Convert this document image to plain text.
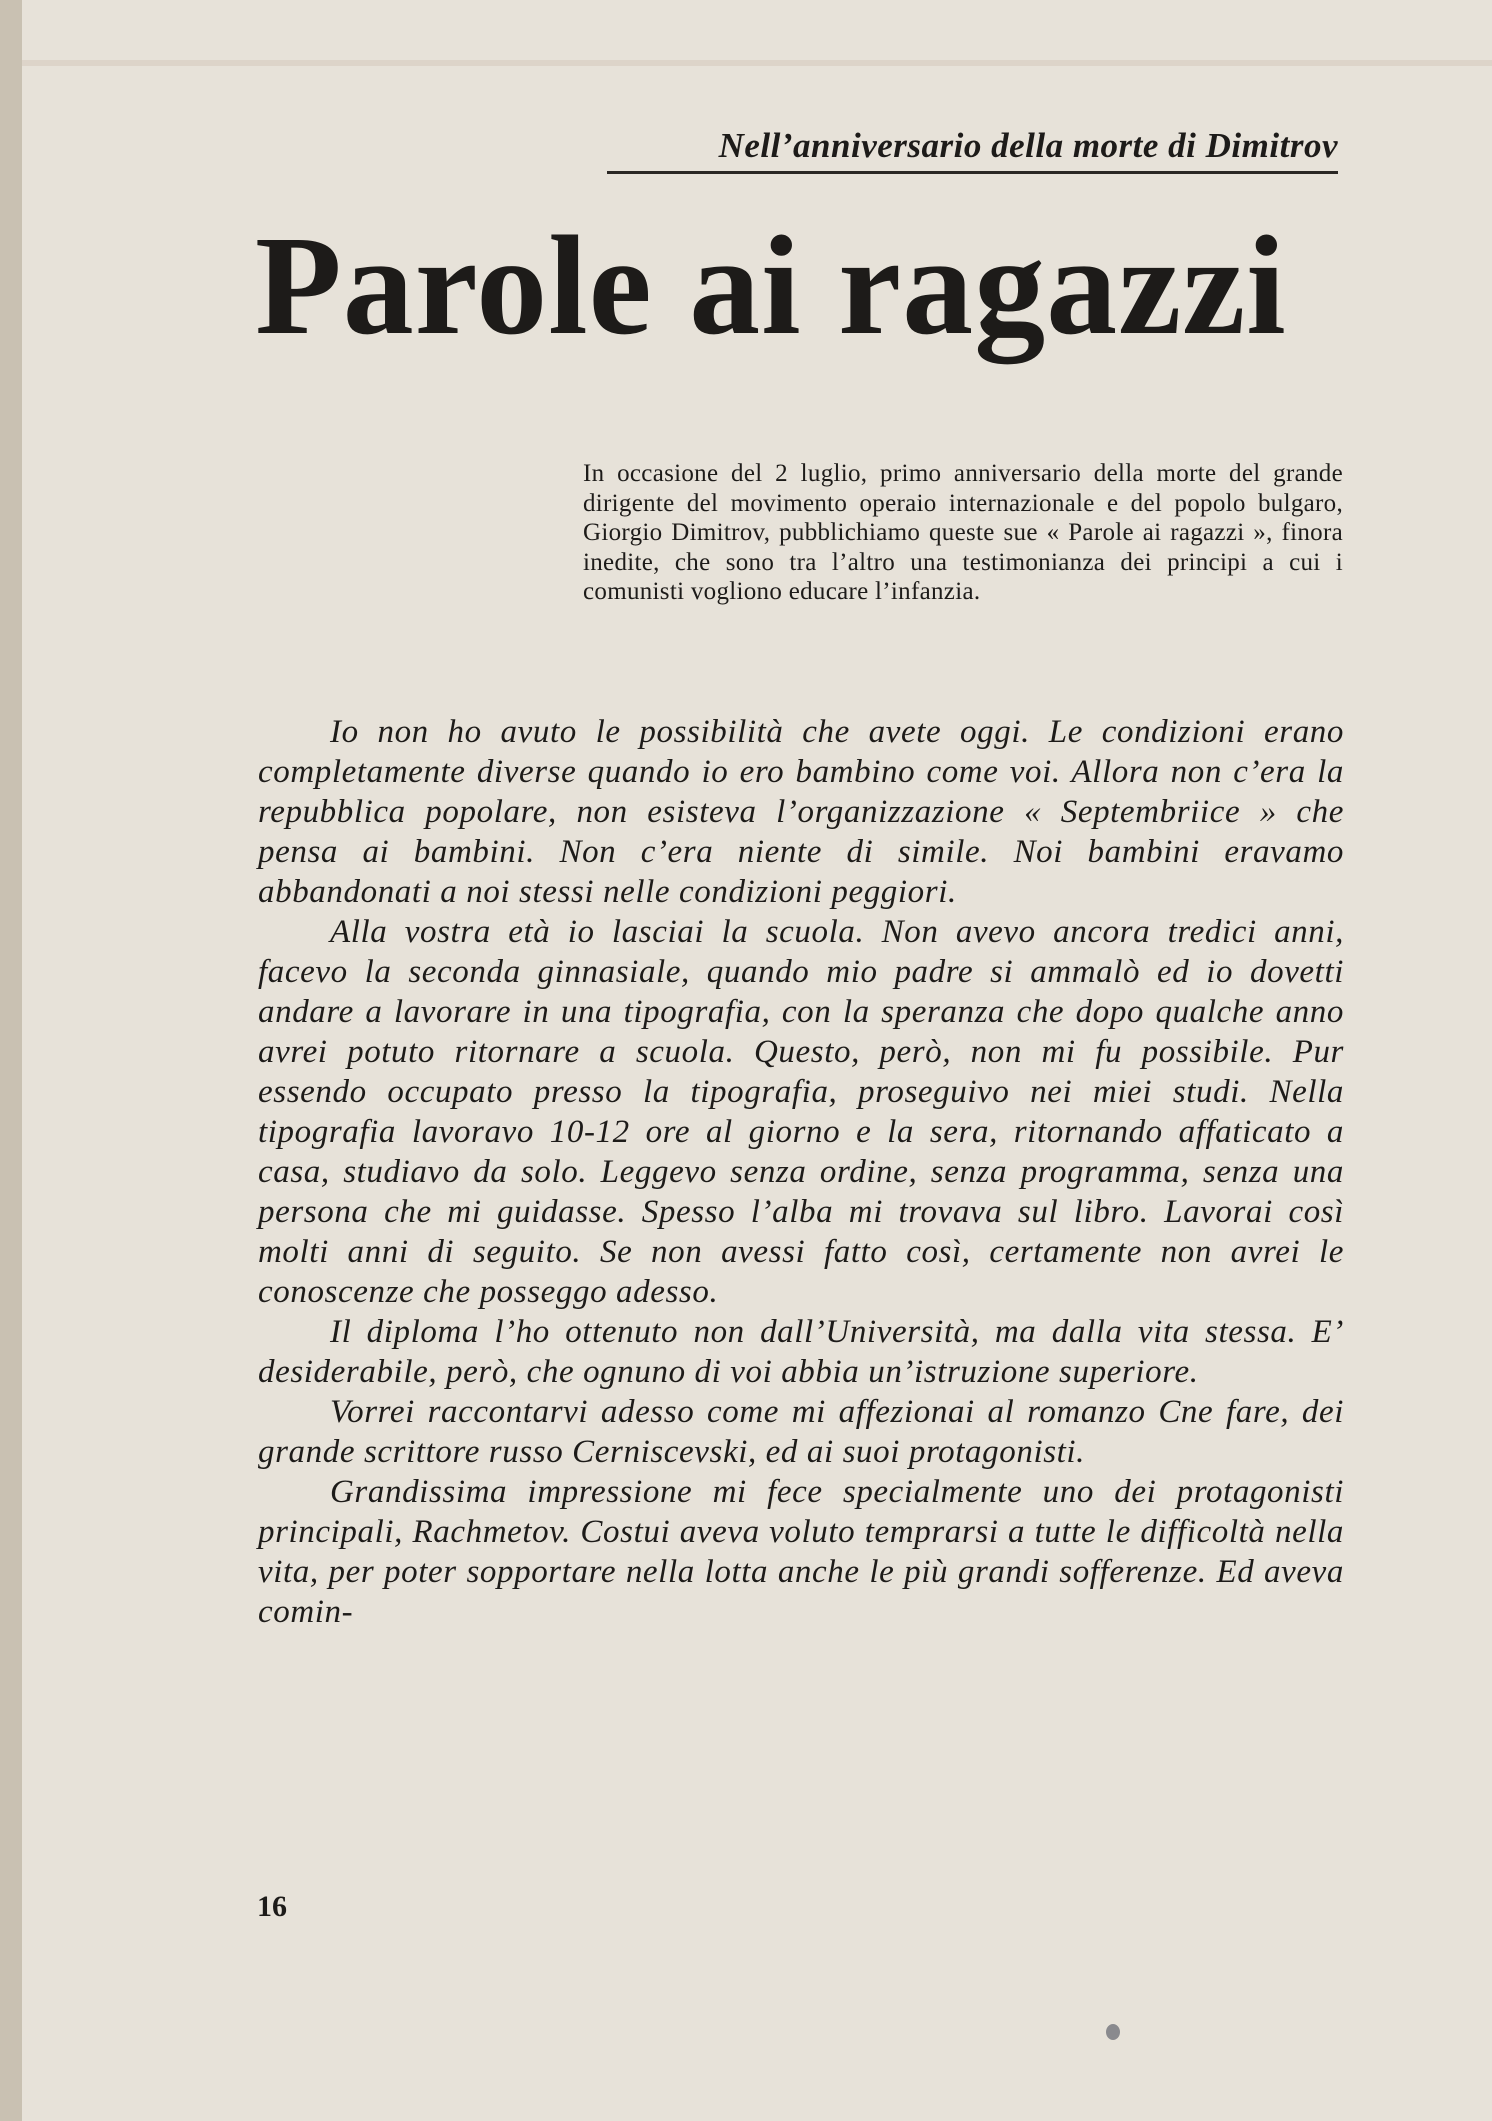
Nell’anniversario della morte di Dimitrov
Parole ai ragazzi

In occasione del 2 luglio, primo anniversario della morte del grande dirigente del movimento operaio internazionale e del popolo bulgaro, Giorgio Dimitrov, pubblichiamo queste sue « Parole ai ragazzi », finora inedite, che sono tra l’altro una testimonianza dei principi a cui i comunisti vogliono educare l’infanzia.

Io non ho avuto le possibilità che avete oggi. Le condizioni erano completamente diverse quando io ero bambino come voi. Allora non c’era la repubblica popolare, non esisteva l’organizzazione « Septembriice » che pensa ai bambini. Non c’era niente di simile. Noi bambini eravamo abbandonati a noi stessi nelle condizioni peggiori.

Alla vostra età io lasciai la scuola. Non avevo ancora tredici anni, facevo la seconda ginnasiale, quando mio padre si ammalò ed io dovetti andare a lavorare in una tipografia, con la speranza che dopo qualche anno avrei potuto ritornare a scuola. Questo, però, non mi fu possibile. Pur essendo occupato presso la tipografia, proseguivo nei miei studi. Nella tipografia lavoravo 10-12 ore al giorno e la sera, ritornando affaticato a casa, studiavo da solo. Leggevo senza ordine, senza programma, senza una persona che mi guidasse. Spesso l’alba mi trovava sul libro. Lavorai così molti anni di seguito. Se non avessi fatto così, certamente non avrei le conoscenze che posseggo adesso.

Il diploma l’ho ottenuto non dall’Università, ma dalla vita stessa. E’ desiderabile, però, che ognuno di voi abbia un’istruzione superiore.

Vorrei raccontarvi adesso come mi affezionai al romanzo Cne fare, dei grande scrittore russo Cerniscevski, ed ai suoi protagonisti.

Grandissima impressione mi fece specialmente uno dei protagonisti principali, Rachmetov. Costui aveva voluto temprarsi a tutte le difficoltà nella vita, per poter sopportare nella lotta anche le più grandi sofferenze. Ed aveva comin-

16
